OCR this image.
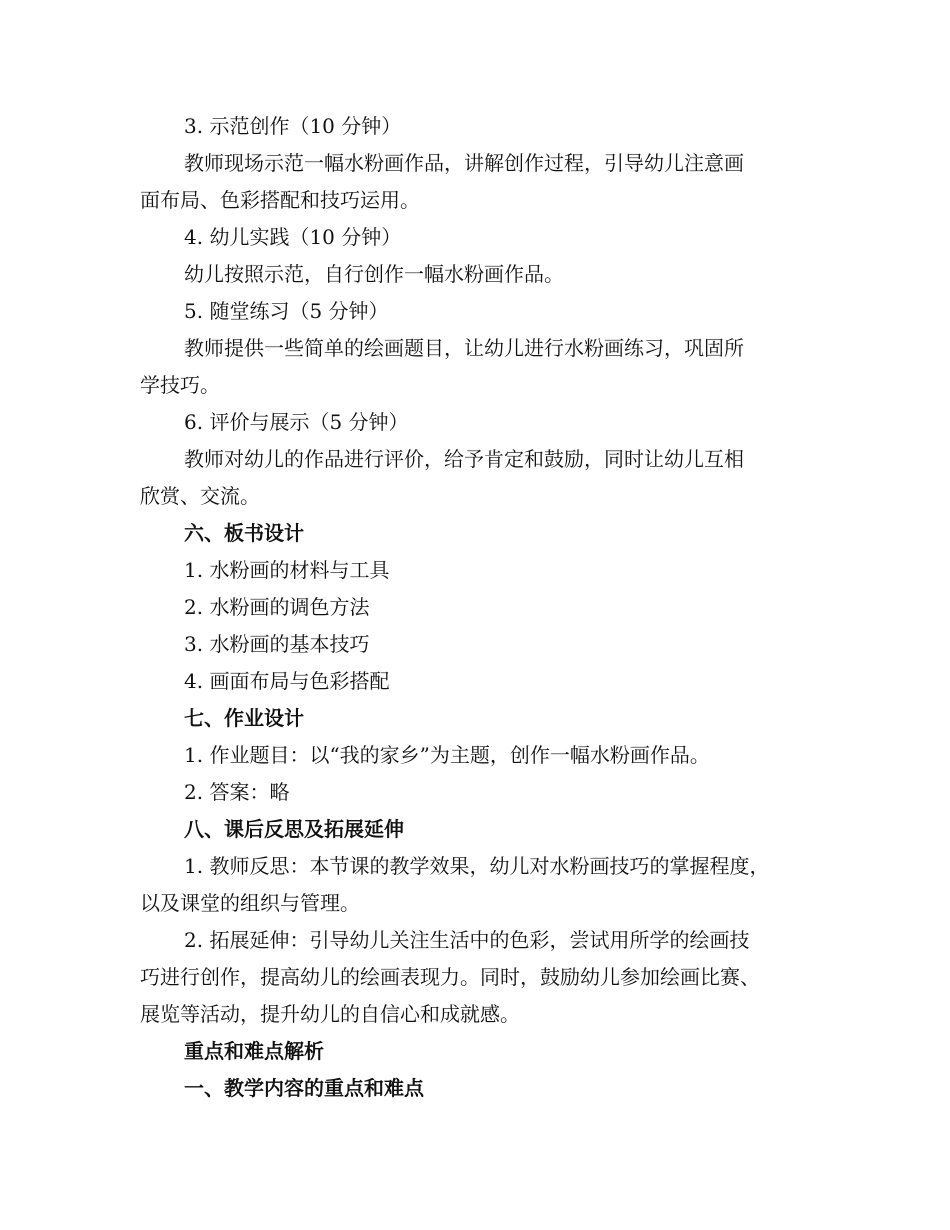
3. 示范创作（10 分钟）
教师现场示范一幅水粉画作品，讲解创作过程，引导幼儿注意画
面布局、色彩搭配和技巧运用。
4. 幼儿实践（10 分钟）
幼儿按照示范，自行创作一幅水粉画作品。
5. 随堂练习（5 分钟）
教师提供一些简单的绘画题目，让幼儿进行水粉画练习，巩固所
学技巧。
6. 评价与展示（5 分钟）
教师对幼儿的作品进行评价，给予肯定和鼓励，同时让幼儿互相
欣赏、交流。
六、板书设计
1. 水粉画的材料与工具
2. 水粉画的调色方法
3. 水粉画的基本技巧
4. 画面布局与色彩搭配
七、作业设计
1. 作业题目：以“我的家乡”为主题，创作一幅水粉画作品。
2. 答案：略
八、课后反思及拓展延伸
1. 教师反思：本节课的教学效果，幼儿对水粉画技巧的掌握程度，
以及课堂的组织与管理。
2. 拓展延伸：引导幼儿关注生活中的色彩，尝试用所学的绘画技
巧进行创作，提高幼儿的绘画表现力。同时，鼓励幼儿参加绘画比赛、
展览等活动，提升幼儿的自信心和成就感。
重点和难点解析
一、教学内容的重点和难点
